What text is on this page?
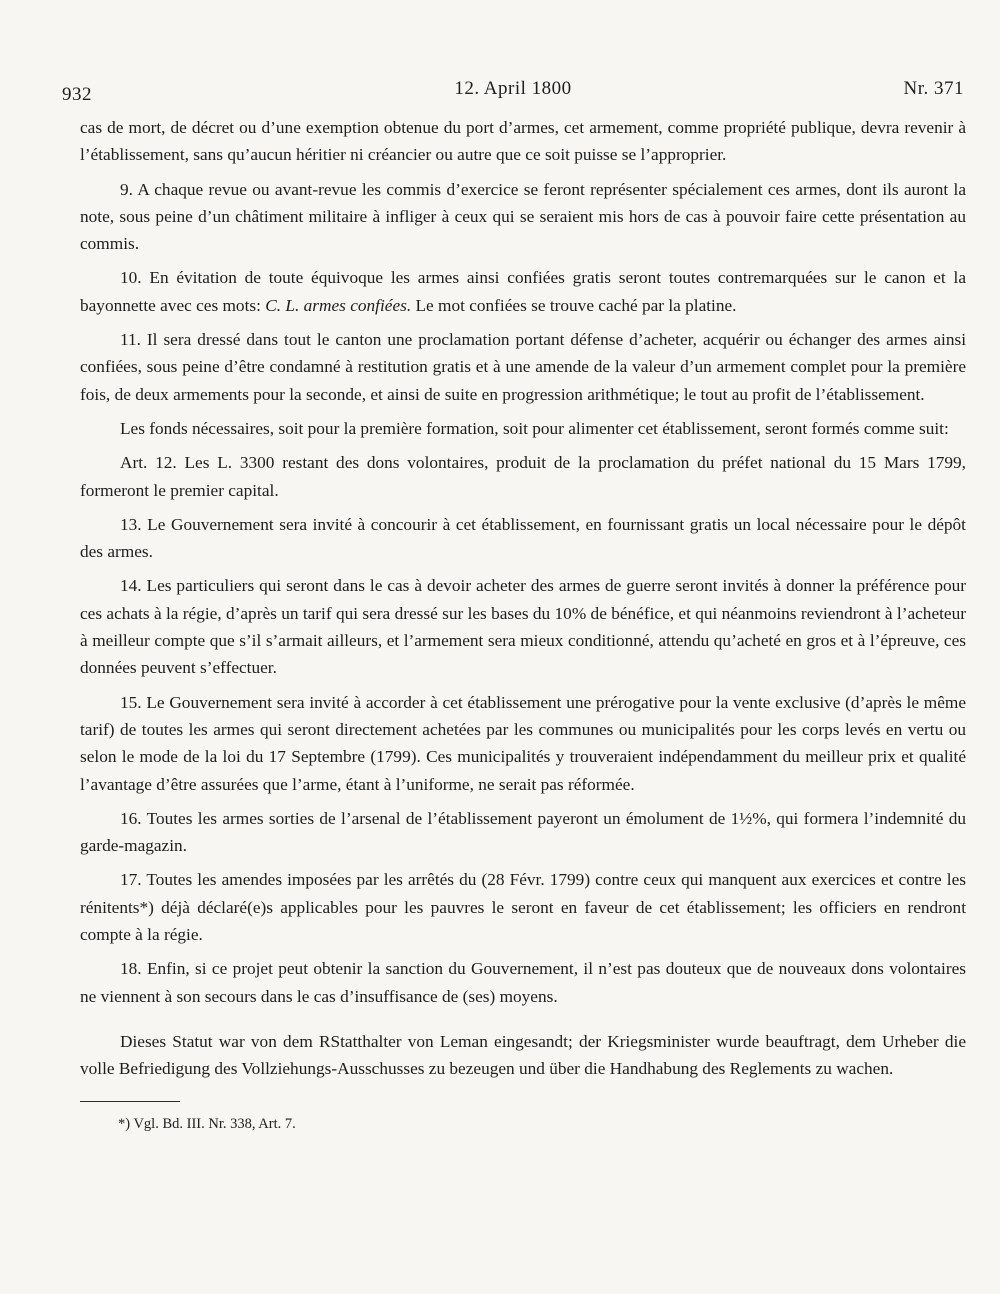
932	12. April 1800	Nr. 371

cas de mort, de décret ou d’une exemption obtenue du port d’armes, cet armement, comme propriété publique, devra revenir à l’établissement, sans qu’aucun héritier ni créancier ou autre que ce soit puisse se l’approprier.

9. A chaque revue ou avant-revue les commis d’exercice se feront représenter spécialement ces armes, dont ils auront la note, sous peine d’un châtiment militaire à infliger à ceux qui se seraient mis hors de cas à pouvoir faire cette présentation au commis.

10. En évitation de toute équivoque les armes ainsi confiées gratis seront toutes contremarquées sur le canon et la bayonnette avec ces mots: C. L. armes confiées. Le mot confiées se trouve caché par la platine.

11. Il sera dressé dans tout le canton une proclamation portant défense d’acheter, acquérir ou échanger des armes ainsi confiées, sous peine d’être condamné à restitution gratis et à une amende de la valeur d’un armement complet pour la première fois, de deux armements pour la seconde, et ainsi de suite en progression arithmétique; le tout au profit de l’établissement.

Les fonds nécessaires, soit pour la première formation, soit pour alimenter cet établissement, seront formés comme suit:

Art. 12. Les L. 3300 restant des dons volontaires, produit de la proclamation du préfet national du 15 Mars 1799, formeront le premier capital.

13. Le Gouvernement sera invité à concourir à cet établissement, en fournissant gratis un local nécessaire pour le dépôt des armes.

14. Les particuliers qui seront dans le cas à devoir acheter des armes de guerre seront invités à donner la préférence pour ces achats à la régie, d’après un tarif qui sera dressé sur les bases du 10% de bénéfice, et qui néanmoins reviendront à l’acheteur à meilleur compte que s’il s’armait ailleurs, et l’armement sera mieux conditionné, attendu qu’acheté en gros et à l’épreuve, ces données peuvent s’effectuer.

15. Le Gouvernement sera invité à accorder à cet établissement une prérogative pour la vente exclusive (d’après le même tarif) de toutes les armes qui seront directement achetées par les communes ou municipalités pour les corps levés en vertu ou selon le mode de la loi du 17 Septembre (1799). Ces municipalités y trouveraient indépendamment du meilleur prix et qualité l’avantage d’être assurées que l’arme, étant à l’uniforme, ne serait pas réformée.

16. Toutes les armes sorties de l’arsenal de l’établissement payeront un émolument de 1½%, qui formera l’indemnité du garde-magazin.

17. Toutes les amendes imposées par les arrêtés du (28 Févr. 1799) contre ceux qui manquent aux exercices et contre les rénitents*) déjà déclaré(e)s applicables pour les pauvres le seront en faveur de cet établissement; les officiers en rendront compte à la régie.

18. Enfin, si ce projet peut obtenir la sanction du Gouvernement, il n’est pas douteux que de nouveaux dons volontaires ne viennent à son secours dans le cas d’insuffisance de (ses) moyens.

Dieses Statut war von dem RStatthalter von Leman eingesandt; der Kriegsminister wurde beauftragt, dem Urheber die volle Befriedigung des Vollziehungs-Ausschusses zu bezeugen und über die Handhabung des Reglements zu wachen.

*) Vgl. Bd. III. Nr. 338, Art. 7.
